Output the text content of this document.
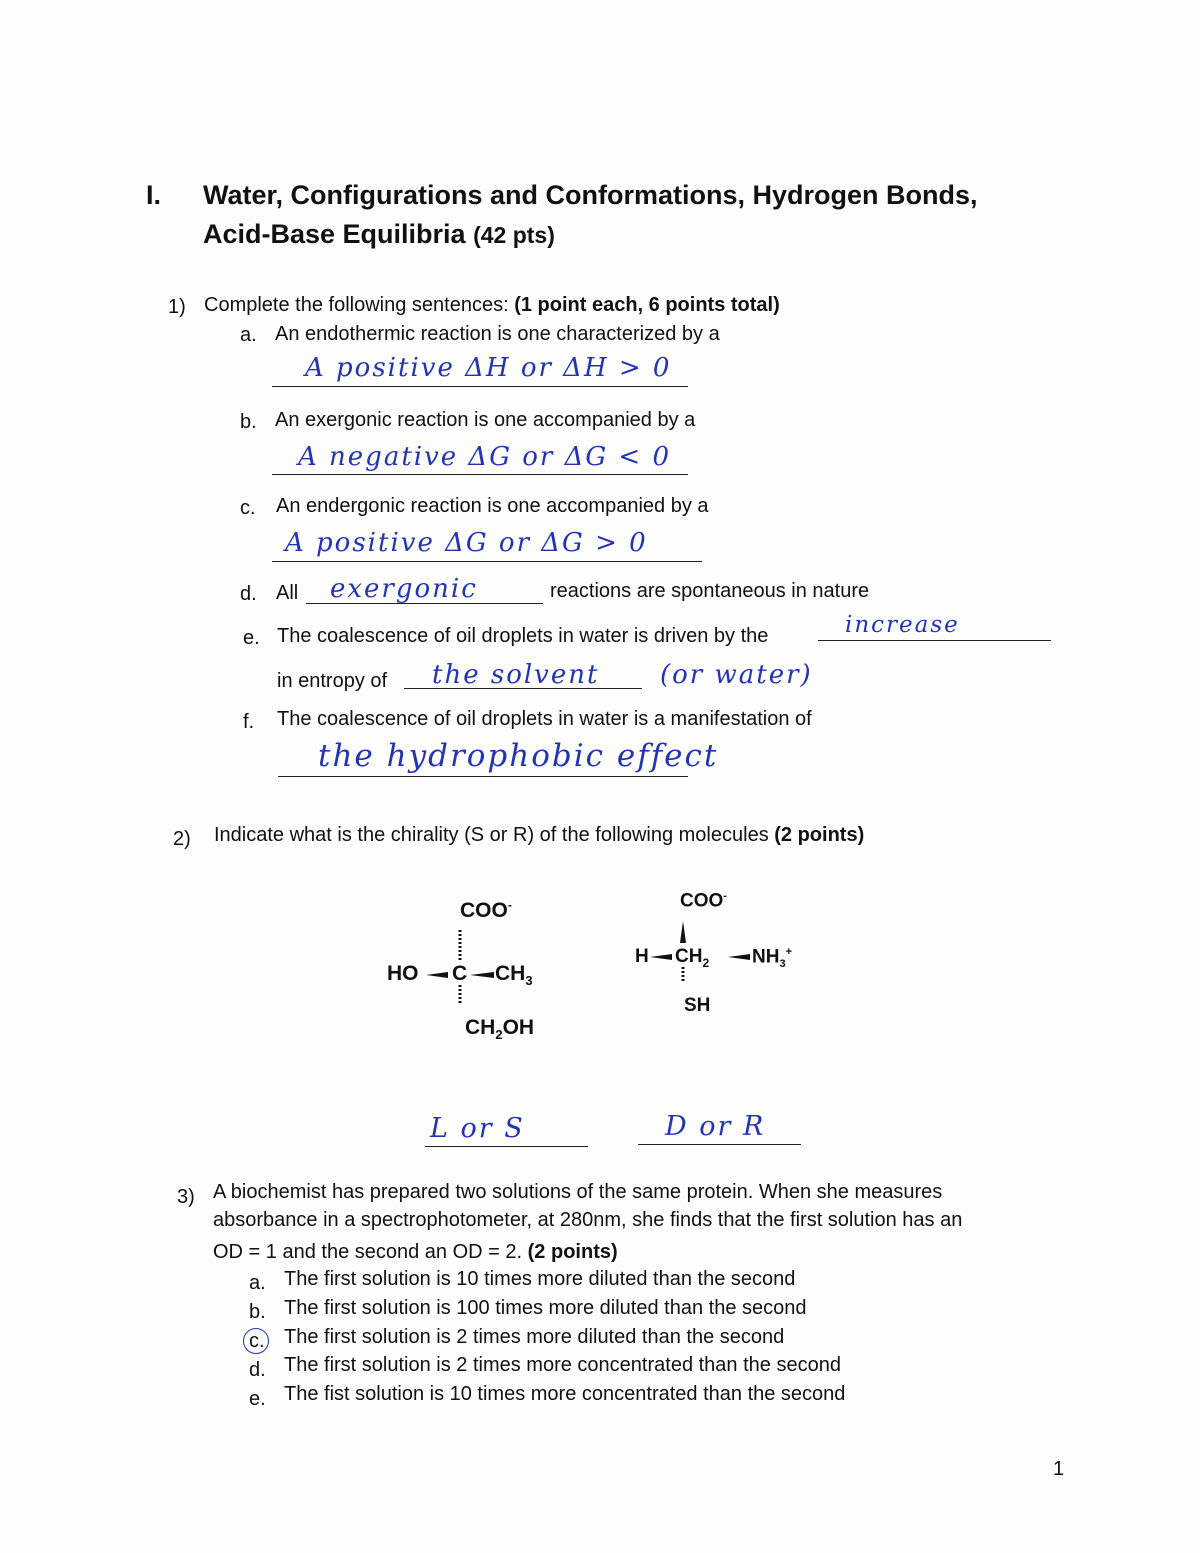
I. Water, Configurations and Conformations, Hydrogen Bonds,
Acid-Base Equilibria (42 pts)
1) Complete the following sentences: (1 point each, 6 points total)
a. An endothermic reaction is one characterized by a
A positive ΔH or ΔH > 0
b. An exergonic reaction is one accompanied by a
A negative ΔG or ΔG < 0
c. An endergonic reaction is one accompanied by a
A positive ΔG or ΔG > 0
d. All exergonic	reactions are spontaneous in nature
e. The coalescence of oil droplets in water is driven by the	increase
in entropy of the solvent (or water)
f. The coalescence of oil droplets in water is a manifestation of
the hydrophobic effect
2) Indicate what is the chirality (S or R) of the following molecules (2 points)
COO-
HO C $CH_3$
$CH_2OH$
COO-
H $CH_2$ $NH_3^+$
SH
L or S	D or R
3) A biochemist has prepared two solutions of the same protein. When she measures
absorbance in a spectrophotometer, at 280nm, she finds that the first solution has an
OD = 1 and the second an OD = 2. (2 points)
a. The first solution is 10 times more diluted than the second
b. The first solution is 100 times more diluted than the second
c. The first solution is 2 times more diluted than the second
d. The first solution is 2 times more concentrated than the second
e. The fist solution is 10 times more concentrated than the second
1
